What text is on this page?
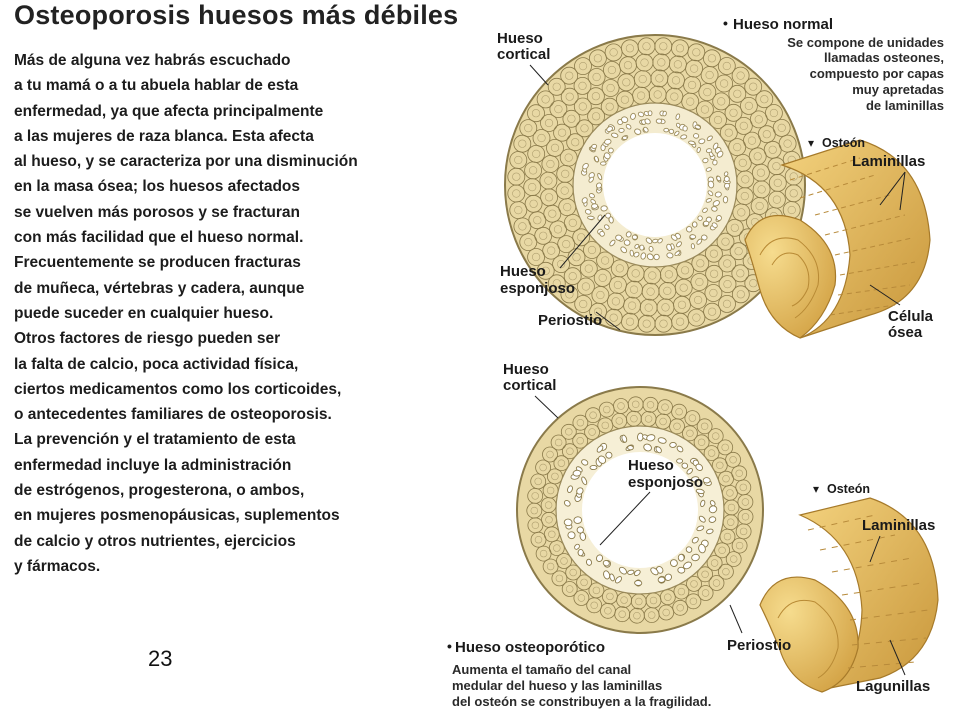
Osteoporosis huesos más débiles
Más de alguna vez habrás escuchado
a tu mamá o a tu abuela hablar de esta
enfermedad, ya que afecta principalmente
a las mujeres de raza blanca. Esta afecta
al hueso, y se caracteriza por una disminución
en la masa ósea; los huesos afectados
se vuelven más porosos y se fracturan
con más facilidad que el hueso normal.
Frecuentemente se producen fracturas
de muñeca, vértebras y cadera, aunque
puede suceder en cualquier hueso.
Otros factores de riesgo pueden ser
la falta de calcio, poca actividad física,
ciertos medicamentos como los corticoides,
o antecedentes familiares de osteoporosis.
La prevención y el tratamiento de esta
enfermedad incluye la administración
de estrógenos, progesterona, o ambos,
en mujeres posmenopáusicas, suplementos
de calcio y otros nutrientes, ejercicios
y fármacos.
23
• Hueso normal
Se compone de unidades
llamadas osteones,
compuesto por capas
muy apretadas
de laminillas
Hueso
cortical
Hueso
esponjoso
Periostio
▾ Osteón
Laminillas
Célula
ósea
Hueso
cortical
Hueso
esponjoso
Periostio
▾ Osteón
Laminillas
Lagunillas
• Hueso osteoporótico
Aumenta el tamaño del canal
medular del hueso y las laminillas
del osteón se constribuyen a la fragilidad.
